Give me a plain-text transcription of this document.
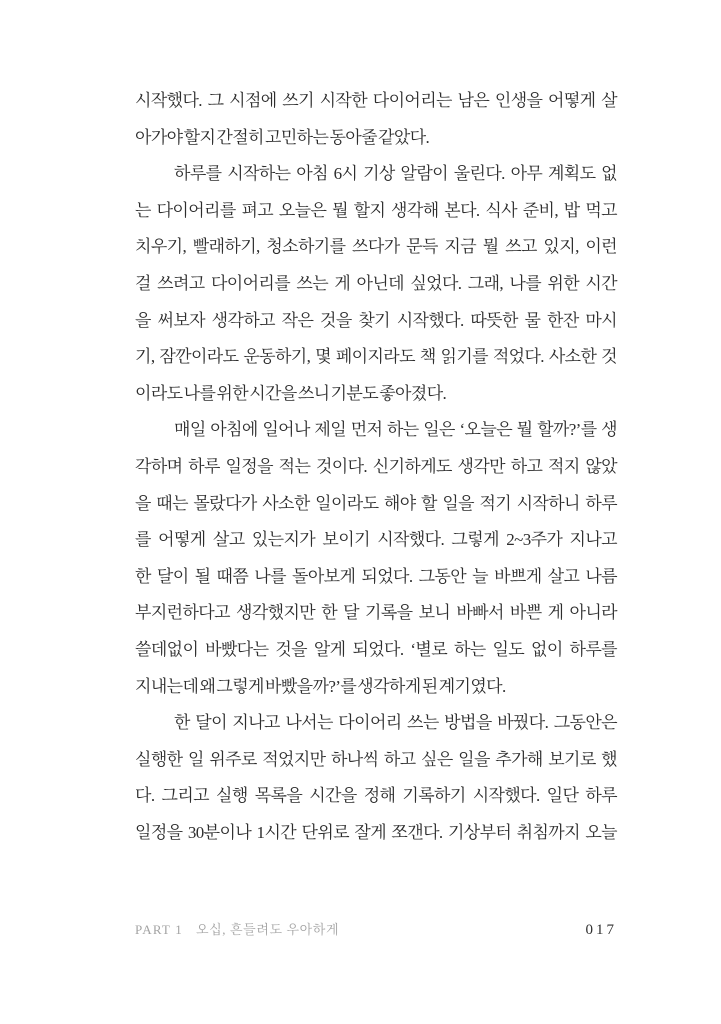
시작했다. 그 시점에 쓰기 시작한 다이어리는 남은 인생을 어떻게 살
아가야 할지 간절히 고민하는 동아줄 같았다.
하루를 시작하는 아침 6시 기상 알람이 울린다. 아무 계획도 없
는 다이어리를 펴고 오늘은 뭘 할지 생각해 본다. 식사 준비, 밥 먹고
치우기, 빨래하기, 청소하기를 쓰다가 문득 지금 뭘 쓰고 있지, 이런
걸 쓰려고 다이어리를 쓰는 게 아닌데 싶었다. 그래, 나를 위한 시간
을 써보자 생각하고 작은 것을 찾기 시작했다. 따뜻한 물 한잔 마시
기, 잠깐이라도 운동하기, 몇 페이지라도 책 읽기를 적었다. 사소한 것
이라도 나를 위한 시간을 쓰니 기분도 좋아졌다.
매일 아침에 일어나 제일 먼저 하는 일은 ‘오늘은 뭘 할까?’를 생
각하며 하루 일정을 적는 것이다. 신기하게도 생각만 하고 적지 않았
을 때는 몰랐다가 사소한 일이라도 해야 할 일을 적기 시작하니 하루
를 어떻게 살고 있는지가 보이기 시작했다. 그렇게 2~3주가 지나고
한 달이 될 때쯤 나를 돌아보게 되었다. 그동안 늘 바쁘게 살고 나름
부지런하다고 생각했지만 한 달 기록을 보니 바빠서 바쁜 게 아니라
쓸데없이 바빴다는 것을 알게 되었다. ‘별로 하는 일도 없이 하루를
지내는데 왜 그렇게 바빴을까?’를 생각하게 된 계기였다.
한 달이 지나고 나서는 다이어리 쓰는 방법을 바꿨다. 그동안은
실행한 일 위주로 적었지만 하나씩 하고 싶은 일을 추가해 보기로 했
다. 그리고 실행 목록을 시간을 정해 기록하기 시작했다. 일단 하루
일정을 30분이나 1시간 단위로 잘게 쪼갠다. 기상부터 취침까지 오늘
PART 1 오십, 흔들려도 우아하게	017
